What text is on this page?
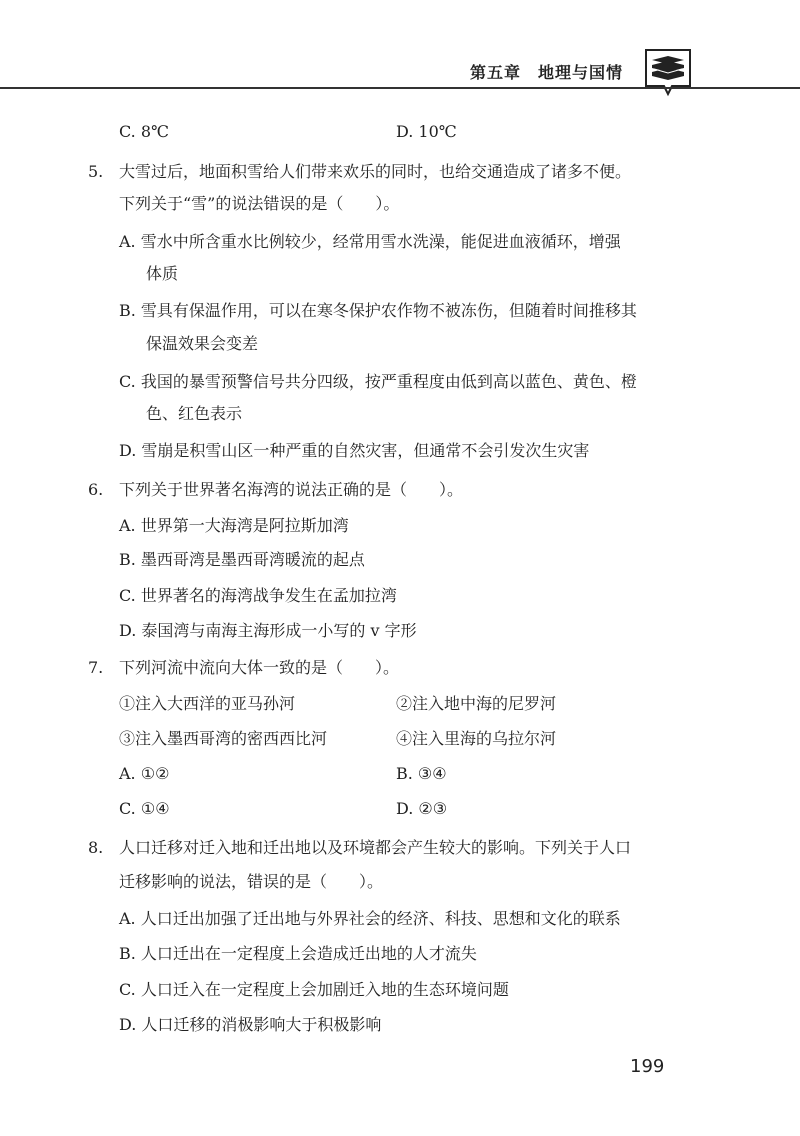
第五章　地理与国情
C. 8℃	D. 10℃
5. 大雪过后，地面积雪给人们带来欢乐的同时，也给交通造成了诸多不便。
下列关于“雪”的说法错误的是（　　）。
A. 雪水中所含重水比例较少，经常用雪水洗澡，能促进血液循环，增强
体质
B. 雪具有保温作用，可以在寒冬保护农作物不被冻伤，但随着时间推移其
保温效果会变差
C. 我国的暴雪预警信号共分四级，按严重程度由低到高以蓝色、黄色、橙
色、红色表示
D. 雪崩是积雪山区一种严重的自然灾害，但通常不会引发次生灾害
6. 下列关于世界著名海湾的说法正确的是（　　）。
A. 世界第一大海湾是阿拉斯加湾
B. 墨西哥湾是墨西哥湾暖流的起点
C. 世界著名的海湾战争发生在孟加拉湾
D. 泰国湾与南海主海形成一小写的 v 字形
7. 下列河流中流向大体一致的是（　　）。
①注入大西洋的亚马孙河	②注入地中海的尼罗河
③注入墨西哥湾的密西西比河	④注入里海的乌拉尔河
A. ①②	B. ③④
C. ①④	D. ②③
8. 人口迁移对迁入地和迁出地以及环境都会产生较大的影响。下列关于人口
迁移影响的说法，错误的是（　　）。
A. 人口迁出加强了迁出地与外界社会的经济、科技、思想和文化的联系
B. 人口迁出在一定程度上会造成迁出地的人才流失
C. 人口迁入在一定程度上会加剧迁入地的生态环境问题
D. 人口迁移的消极影响大于积极影响
199
